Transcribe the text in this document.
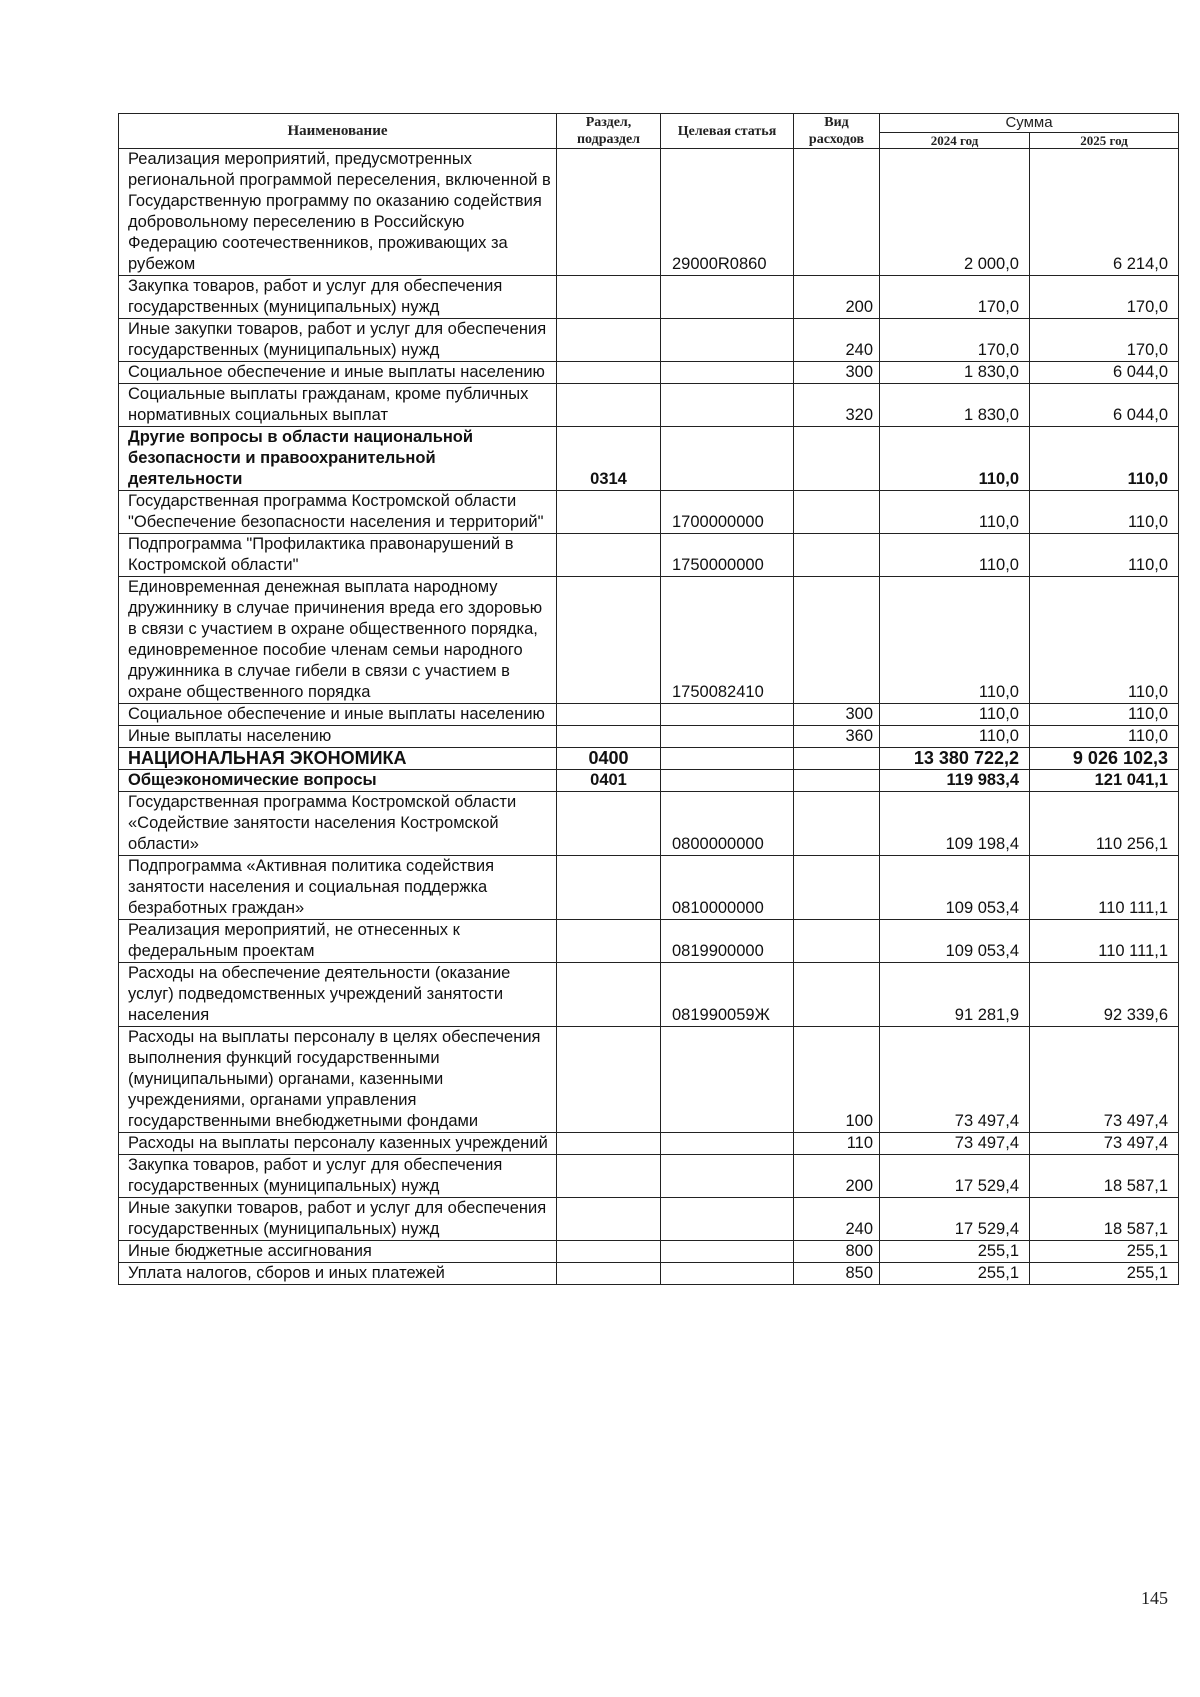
Наименование	Раздел, подраздел	Целевая статья	Вид расходов	Сумма	
				2024 год	2025 год
Реализация мероприятий, предусмотренных региональной программой переселения, включенной в Государственную программу по оказанию содействия добровольному переселению в Российскую Федерацию соотечественников, проживающих за рубежом		29000R0860		2 000,0	6 214,0
Закупка товаров, работ и услуг для обеспечения государственных (муниципальных) нужд			200	170,0	170,0
Иные закупки товаров, работ и услуг для обеспечения государственных (муниципальных) нужд			240	170,0	170,0
Социальное обеспечение и иные выплаты населению			300	1 830,0	6 044,0
Социальные выплаты гражданам, кроме публичных нормативных социальных выплат			320	1 830,0	6 044,0
Другие вопросы в области национальной безопасности и правоохранительной деятельности	0314			110,0	110,0
Государственная программа Костромской области "Обеспечение безопасности населения и территорий"		1700000000		110,0	110,0
Подпрограмма "Профилактика правонарушений в Костромской области"		1750000000		110,0	110,0
Единовременная денежная выплата народному дружиннику в случае причинения вреда его здоровью в связи с участием в охране общественного порядка, единовременное пособие членам семьи народного дружинника в случае гибели в связи с участием в охране общественного порядка		1750082410		110,0	110,0
Социальное обеспечение и иные выплаты населению			300	110,0	110,0
Иные выплаты населению			360	110,0	110,0
НАЦИОНАЛЬНАЯ ЭКОНОМИКА	0400			13 380 722,2	9 026 102,3
Общеэкономические вопросы	0401			119 983,4	121 041,1
Государственная программа Костромской области «Содействие занятости населения Костромской области»		0800000000		109 198,4	110 256,1
Подпрограмма «Активная политика содействия занятости населения и социальная поддержка безработных граждан»		0810000000		109 053,4	110 111,1
Реализация мероприятий, не отнесенных к федеральным проектам		0819900000		109 053,4	110 111,1
Расходы на обеспечение деятельности (оказание услуг) подведомственных учреждений занятости населения		081990059Ж		91 281,9	92 339,6
Расходы на выплаты персоналу в целях обеспечения выполнения функций государственными (муниципальными) органами, казенными учреждениями, органами управления государственными внебюджетными фондами			100	73 497,4	73 497,4
Расходы на выплаты персоналу казенных учреждений			110	73 497,4	73 497,4
Закупка товаров, работ и услуг для обеспечения государственных (муниципальных) нужд			200	17 529,4	18 587,1
Иные закупки товаров, работ и услуг для обеспечения государственных (муниципальных) нужд			240	17 529,4	18 587,1
Иные бюджетные ассигнования			800	255,1	255,1
Уплата налогов, сборов и иных платежей			850	255,1	255,1
145
